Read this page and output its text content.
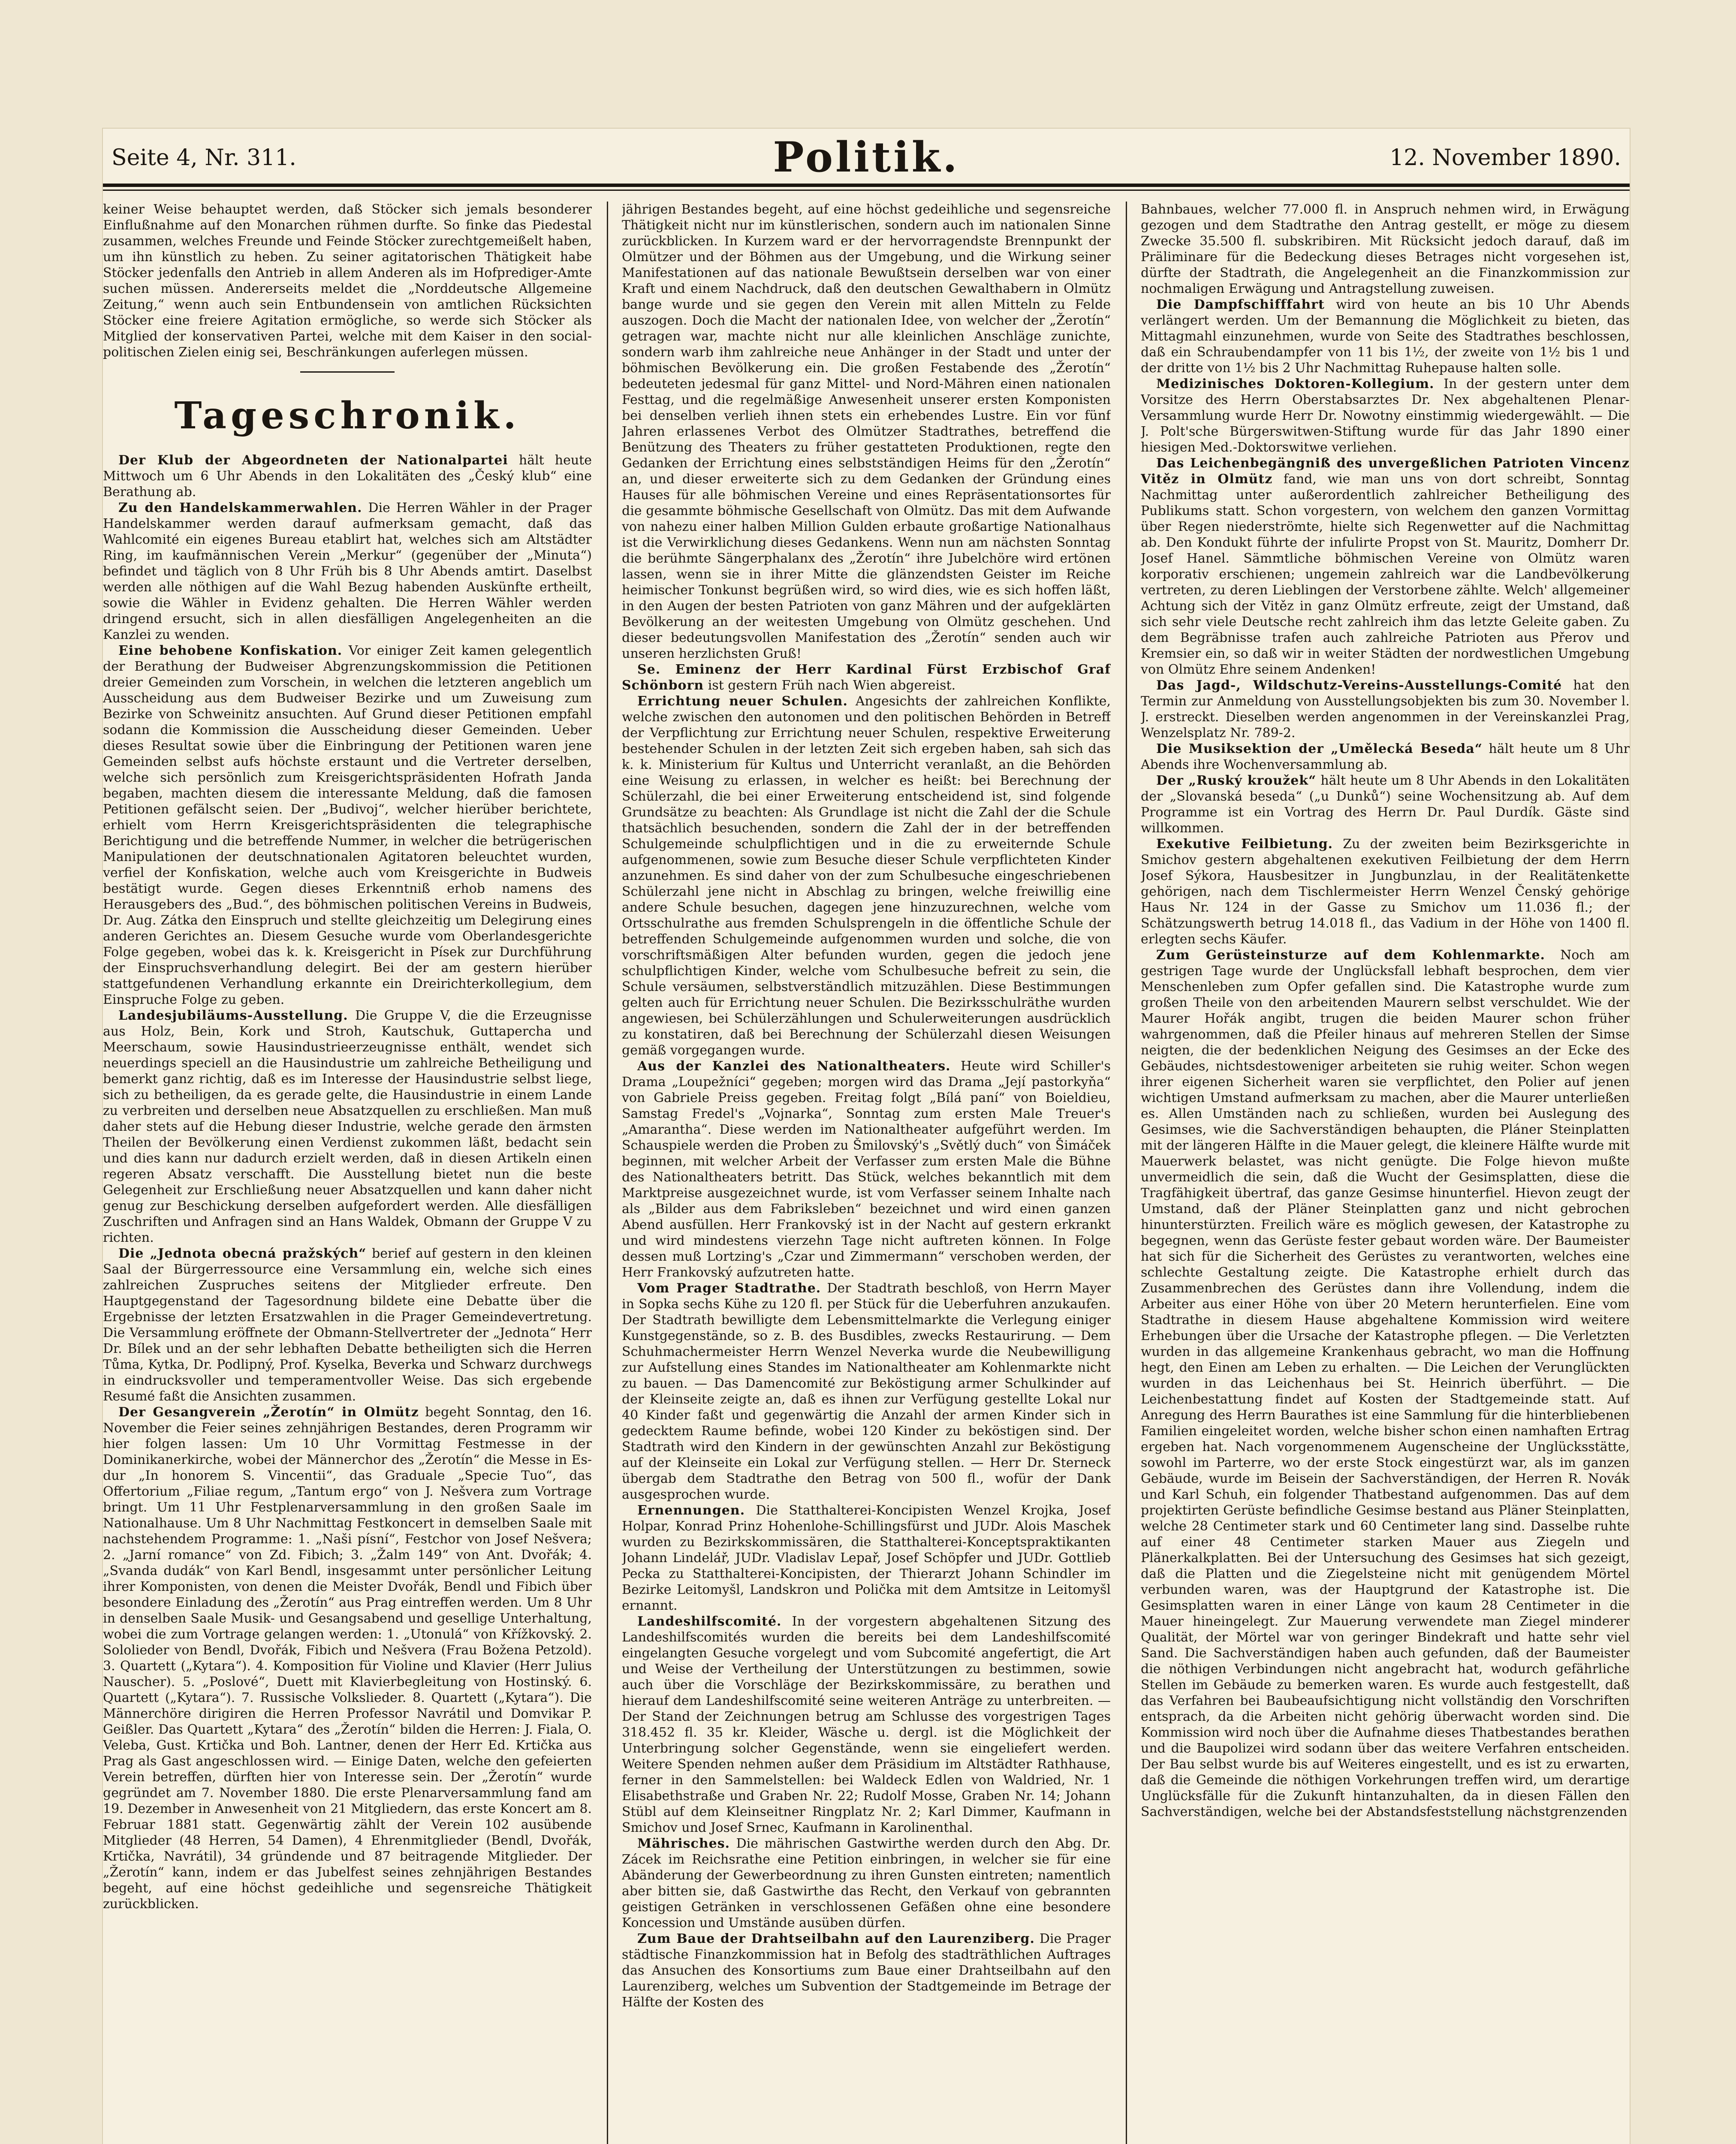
Seite 4, Nr. 311.	Politik.	12. November 1890.

keiner Weise behauptet werden, daß Stöcker sich jemals besonderer Einflußnahme auf den Monarchen rühmen durfte. So finke das Piedestal zusammen, welches Freunde und Feinde Stöcker zurechtgemeißelt haben, um ihn künstlich zu heben. Zu seiner agitatorischen Thätigkeit habe Stöcker jedenfalls den Antrieb in allem Anderen als im Hofprediger-Amte suchen müssen. Andererseits meldet die „Norddeutsche Allgemeine Zeitung,“ wenn auch sein Entbundensein von amtlichen Rücksichten Stöcker eine freiere Agitation ermögliche, so werde sich Stöcker als Mitglied der konservativen Partei, welche mit dem Kaiser in den social-politischen Zielen einig sei, Beschränkungen auferlegen müssen.

Tageschronik.

Der Klub der Abgeordneten der Nationalpartei hält heute Mittwoch um 6 Uhr Abends in den Lokalitäten des „Český klub“ eine Berathung ab.

Zu den Handelskammerwahlen. Die Herren Wähler in der Prager Handelskammer werden darauf aufmerksam gemacht, daß das Wahlcomité ein eigenes Bureau etablirt hat, welches sich am Altstädter Ring, im kaufmännischen Verein „Merkur“ (gegenüber der „Minuta“) befindet und täglich von 8 Uhr Früh bis 8 Uhr Abends amtirt. Daselbst werden alle nöthigen auf die Wahl Bezug habenden Auskünfte ertheilt, sowie die Wähler in Evidenz gehalten. Die Herren Wähler werden dringend ersucht, sich in allen diesfälligen Angelegenheiten an die Kanzlei zu wenden.

Eine behobene Konfiskation. Vor einiger Zeit kamen gelegentlich der Berathung der Budweiser Abgrenzungskommission die Petitionen dreier Gemeinden zum Vorschein, in welchen die letzteren angeblich um Ausscheidung aus dem Budweiser Bezirke und um Zuweisung zum Bezirke von Schweinitz ansuchten. Auf Grund dieser Petitionen empfahl sodann die Kommission die Ausscheidung dieser Gemeinden. Ueber dieses Resultat sowie über die Einbringung der Petitionen waren jene Gemeinden selbst aufs höchste erstaunt und die Vertreter derselben, welche sich persönlich zum Kreisgerichtspräsidenten Hofrath Janda begaben, machten diesem die interessante Meldung, daß die famosen Petitionen gefälscht seien. Der „Budivoj“, welcher hierüber berichtete, erhielt vom Herrn Kreisgerichtspräsidenten die telegraphische Berichtigung und die betreffende Nummer, in welcher die betrügerischen Manipulationen der deutschnationalen Agitatoren beleuchtet wurden, verfiel der Konfiskation, welche auch vom Kreisgerichte in Budweis bestätigt wurde. Gegen dieses Erkenntniß erhob namens des Herausgebers des „Bud.“, des böhmischen politischen Vereins in Budweis, Dr. Aug. Zátka den Einspruch und stellte gleichzeitig um Delegirung eines anderen Gerichtes an. Diesem Gesuche wurde vom Oberlandesgerichte Folge gegeben, wobei das k. k. Kreisgericht in Písek zur Durchführung der Einspruchsverhandlung delegirt. Bei der am gestern hierüber stattgefundenen Verhandlung erkannte ein Dreirichterkollegium, dem Einspruche Folge zu geben.

Landesjubiläums-Ausstellung. Die Gruppe V, die die Erzeugnisse aus Holz, Bein, Kork und Stroh, Kautschuk, Guttapercha und Meerschaum, sowie Hausindustrieerzeugnisse enthält, wendet sich neuerdings speciell an die Hausindustrie um zahlreiche Betheiligung und bemerkt ganz richtig, daß es im Interesse der Hausindustrie selbst liege, sich zu betheiligen, da es gerade gelte, die Hausindustrie in einem Lande zu verbreiten und derselben neue Absatzquellen zu erschließen. Man muß daher stets auf die Hebung dieser Industrie, welche gerade den ärmsten Theilen der Bevölkerung einen Verdienst zukommen läßt, bedacht sein und dies kann nur dadurch erzielt werden, daß in diesen Artikeln einen regeren Absatz verschafft. Die Ausstellung bietet nun die beste Gelegenheit zur Erschließung neuer Absatzquellen und kann daher nicht genug zur Beschickung derselben aufgefordert werden. Alle diesfälligen Zuschriften und Anfragen sind an Hans Waldek, Obmann der Gruppe V zu richten.

Die „Jednota obecná pražských“ berief auf gestern in den kleinen Saal der Bürgerressource eine Versammlung ein, welche sich eines zahlreichen Zuspruches seitens der Mitglieder erfreute. Den Hauptgegenstand der Tagesordnung bildete eine Debatte über die Ergebnisse der letzten Ersatzwahlen in die Prager Gemeindevertretung. Die Versammlung eröffnete der Obmann-Stellvertreter der „Jednota“ Herr Dr. Bílek und an der sehr lebhaften Debatte betheiligten sich die Herren Tůma, Kytka, Dr. Podlipný, Prof. Kyselka, Beverka und Schwarz durchwegs in eindrucksvoller und temperamentvoller Weise. Das sich ergebende Resumé faßt die Ansichten zusammen.

Der Gesangverein „Žerotín“ in Olmütz begeht Sonntag, den 16. November die Feier seines zehnjährigen Bestandes, deren Programm wir hier folgen lassen: Um 10 Uhr Vormittag Festmesse in der Dominikanerkirche, wobei der Männerchor des „Žerotín“ die Messe in Es-dur „In honorem S. Vincentii“, das Graduale „Specie Tuo“, das Offertorium „Filiae regum, „Tantum ergo“ von J. Nešvera zum Vortrage bringt. Um 11 Uhr Festplenarversammlung in den großen Saale im Nationalhause. Um 8 Uhr Nachmittag Festkoncert in demselben Saale mit nachstehendem Programme: 1. „Naši písní“, Festchor von Josef Nešvera; 2. „Jarní romance“ von Zd. Fibich; 3. „Žalm 149“ von Ant. Dvořák; 4. „Svanda dudák“ von Karl Bendl, insgesammt unter persönlicher Leitung ihrer Komponisten, von denen die Meister Dvořák, Bendl und Fibich über besondere Einladung des „Žerotín“ aus Prag eintreffen werden. Um 8 Uhr in denselben Saale Musik- und Gesangsabend und gesellige Unterhaltung, wobei die zum Vortrage gelangen werden: 1. „Utonulá“ von Křížkovský. 2. Sololieder von Bendl, Dvořák, Fibich und Nešvera (Frau Božena Petzold). 3. Quartett („Kytara“). 4. Komposition für Violine und Klavier (Herr Julius Nauscher). 5. „Poslové“, Duett mit Klavierbegleitung von Hostinský. 6. Quartett („Kytara“). 7. Russische Volkslieder. 8. Quartett („Kytara“). Die Männerchöre dirigiren die Herren Professor Navrátil und Domvikar P. Geißler. Das Quartett „Kytara“ des „Žerotín“ bilden die Herren: J. Fiala, O. Veleba, Gust. Krtička und Boh. Lantner, denen der Herr Ed. Krtička aus Prag als Gast angeschlossen wird. — Einige Daten, welche den gefeierten Verein betreffen, dürften hier von Interesse sein. Der „Žerotín“ wurde gegründet am 7. November 1880. Die erste Plenarversammlung fand am 19. Dezember in Anwesenheit von 21 Mitgliedern, das erste Koncert am 8. Februar 1881 statt. Gegenwärtig zählt der Verein 102 ausübende Mitglieder (48 Herren, 54 Damen), 4 Ehrenmitglieder (Bendl, Dvořák, Krtička, Navrátil), 34 gründende und 87 beitragende Mitglieder. Der „Žerotín“ kann, indem er das Jubelfest seines zehnjährigen Bestandes begeht, auf eine höchst gedeihliche und segensreiche Thätigkeit zurückblicken.

jährigen Bestandes begeht, auf eine höchst gedeihliche und segensreiche Thätigkeit nicht nur im künstlerischen, sondern auch im nationalen Sinne zurückblicken. In Kurzem ward er der hervorragendste Brennpunkt der Olmützer und der Böhmen aus der Umgebung, und die Wirkung seiner Manifestationen auf das nationale Bewußtsein derselben war von einer Kraft und einem Nachdruck, daß den deutschen Gewalthabern in Olmütz bange wurde und sie gegen den Verein mit allen Mitteln zu Felde auszogen. Doch die Macht der nationalen Idee, von welcher der „Žerotín“ getragen war, machte nicht nur alle kleinlichen Anschläge zunichte, sondern warb ihm zahlreiche neue Anhänger in der Stadt und unter der böhmischen Bevölkerung ein. Die großen Festabende des „Žerotín“ bedeuteten jedesmal für ganz Mittel- und Nord-Mähren einen nationalen Festtag, und die regelmäßige Anwesenheit unserer ersten Komponisten bei denselben verlieh ihnen stets ein erhebendes Lustre. Ein vor fünf Jahren erlassenes Verbot des Olmützer Stadtrathes, betreffend die Benützung des Theaters zu früher gestatteten Produktionen, regte den Gedanken der Errichtung eines selbstständigen Heims für den „Žerotín“ an, und dieser erweiterte sich zu dem Gedanken der Gründung eines Hauses für alle böhmischen Vereine und eines Repräsentationsortes für die gesammte böhmische Gesellschaft von Olmütz. Das mit dem Aufwande von nahezu einer halben Million Gulden erbaute großartige Nationalhaus ist die Verwirklichung dieses Gedankens. Wenn nun am nächsten Sonntag die berühmte Sängerphalanx des „Žerotín“ ihre Jubelchöre wird ertönen lassen, wenn sie in ihrer Mitte die glänzendsten Geister im Reiche heimischer Tonkunst begrüßen wird, so wird dies, wie es sich hoffen läßt, in den Augen der besten Patrioten von ganz Mähren und der aufgeklärten Bevölkerung an der weitesten Umgebung von Olmütz geschehen. Und dieser bedeutungsvollen Manifestation des „Žerotín“ senden auch wir unseren herzlichsten Gruß!

Se. Eminenz der Herr Kardinal Fürst Erzbischof Graf Schönborn ist gestern Früh nach Wien abgereist.

Errichtung neuer Schulen. Angesichts der zahlreichen Konflikte, welche zwischen den autonomen und den politischen Behörden in Betreff der Verpflichtung zur Errichtung neuer Schulen, respektive Erweiterung bestehender Schulen in der letzten Zeit sich ergeben haben, sah sich das k. k. Ministerium für Kultus und Unterricht veranlaßt, an die Behörden eine Weisung zu erlassen, in welcher es heißt: bei Berechnung der Schülerzahl, die bei einer Erweiterung entscheidend ist, sind folgende Grundsätze zu beachten: Als Grundlage ist nicht die Zahl der die Schule thatsächlich besuchenden, sondern die Zahl der in der betreffenden Schulgemeinde schulpflichtigen und in die zu erweiternde Schule aufgenommenen, sowie zum Besuche dieser Schule verpflichteten Kinder anzunehmen. Es sind daher von der zum Schulbesuche eingeschriebenen Schülerzahl jene nicht in Abschlag zu bringen, welche freiwillig eine andere Schule besuchen, dagegen jene hinzuzurechnen, welche vom Ortsschulrathe aus fremden Schulsprengeln in die öffentliche Schule der betreffenden Schulgemeinde aufgenommen wurden und solche, die von vorschriftsmäßigen Alter befunden wurden, gegen die jedoch jene schulpflichtigen Kinder, welche vom Schulbesuche befreit zu sein, die Schule versäumen, selbstverständlich mitzuzählen. Diese Bestimmungen gelten auch für Errichtung neuer Schulen. Die Bezirksschulräthe wurden angewiesen, bei Schülerzählungen und Schulerweiterungen ausdrücklich zu konstatiren, daß bei Berechnung der Schülerzahl diesen Weisungen gemäß vorgegangen wurde.

Aus der Kanzlei des Nationaltheaters. Heute wird Schiller's Drama „Loupežníci“ gegeben; morgen wird das Drama „Její pastorkyňa“ von Gabriele Preiss gegeben. Freitag folgt „Bílá paní“ von Boieldieu, Samstag Fredel's „Vojnarka“, Sonntag zum ersten Male Treuer's „Amarantha“. Diese werden im Nationaltheater aufgeführt werden. Im Schauspiele werden die Proben zu Šmilovský's „Světlý duch“ von Šimáček beginnen, mit welcher Arbeit der Verfasser zum ersten Male die Bühne des Nationaltheaters betritt. Das Stück, welches bekanntlich mit dem Marktpreise ausgezeichnet wurde, ist vom Verfasser seinem Inhalte nach als „Bilder aus dem Fabriksleben“ bezeichnet und wird einen ganzen Abend ausfüllen. Herr Frankovský ist in der Nacht auf gestern erkrankt und wird mindestens vierzehn Tage nicht auftreten können. In Folge dessen muß Lortzing's „Czar und Zimmermann“ verschoben werden, der Herr Frankovský aufzutreten hatte.

Vom Prager Stadtrathe. Der Stadtrath beschloß, von Herrn Mayer in Sopka sechs Kühe zu 120 fl. per Stück für die Ueberfuhren anzukaufen. Der Stadtrath bewilligte dem Lebensmittelmarkte die Verlegung einiger Kunstgegenstände, so z. B. des Busdibles, zwecks Restaurirung. — Dem Schuhmachermeister Herrn Wenzel Neverka wurde die Neubewilligung zur Aufstellung eines Standes im Nationaltheater am Kohlenmarkte nicht zu bauen. — Das Damencomité zur Beköstigung armer Schulkinder auf der Kleinseite zeigte an, daß es ihnen zur Verfügung gestellte Lokal nur 40 Kinder faßt und gegenwärtig die Anzahl der armen Kinder sich in gedecktem Raume befinde, wobei 120 Kinder zu beköstigen sind. Der Stadtrath wird den Kindern in der gewünschten Anzahl zur Beköstigung auf der Kleinseite ein Lokal zur Verfügung stellen. — Herr Dr. Sterneck übergab dem Stadtrathe den Betrag von 500 fl., wofür der Dank ausgesprochen wurde.

Ernennungen. Die Statthalterei-Koncipisten Wenzel Krojka, Josef Holpar, Konrad Prinz Hohenlohe-Schillingsfürst und JUDr. Alois Maschek wurden zu Bezirkskommissären, die Statthalterei-Konceptspraktikanten Johann Lindelář, JUDr. Vladislav Lepař, Josef Schöpfer und JUDr. Gottlieb Pecka zu Statthalterei-Koncipisten, der Thierarzt Johann Schindler im Bezirke Leitomyšl, Landskron und Polička mit dem Amtsitze in Leitomyšl ernannt.

Landeshilfscomité. In der vorgestern abgehaltenen Sitzung des Landeshilfscomités wurden die bereits bei dem Landeshilfscomité eingelangten Gesuche vorgelegt und vom Subcomité angefertigt, die Art und Weise der Vertheilung der Unterstützungen zu bestimmen, sowie auch über die Vorschläge der Bezirkskommissäre, zu berathen und hierauf dem Landeshilfscomité seine weiteren Anträge zu unterbreiten. — Der Stand der Zeichnungen betrug am Schlusse des vorgestrigen Tages 318.452 fl. 35 kr. Kleider, Wäsche u. dergl. ist die Möglichkeit der Unterbringung solcher Gegenstände, wenn sie eingeliefert werden. Weitere Spenden nehmen außer dem Präsidium im Altstädter Rathhause, ferner in den Sammelstellen: bei Waldeck Edlen von Waldried, Nr. 1 Elisabethstraße und Graben Nr. 22; Rudolf Mosse, Graben Nr. 14; Johann Stübl auf dem Kleinseitner Ringplatz Nr. 2; Karl Dimmer, Kaufmann in Smichov und Josef Srnec, Kaufmann in Karolinenthal.

Mährisches. Die mährischen Gastwirthe werden durch den Abg. Dr. Zácek im Reichsrathe eine Petition einbringen, in welcher sie für eine Abänderung der Gewerbeordnung zu ihren Gunsten eintreten; namentlich aber bitten sie, daß Gastwirthe das Recht, den Verkauf von gebrannten geistigen Getränken in verschlossenen Gefäßen ohne eine besondere Koncession und Umstände ausüben dürfen.

Zum Baue der Drahtseilbahn auf den Laurenziberg. Die Prager städtische Finanzkommission hat in Befolg des stadträthlichen Auftrages das Ansuchen des Konsortiums zum Baue einer Drahtseilbahn auf den Laurenziberg, welches um Subvention der Stadtgemeinde im Betrage der Hälfte der Kosten des

Bahnbaues, welcher 77.000 fl. in Anspruch nehmen wird, in Erwägung gezogen und dem Stadtrathe den Antrag gestellt, er möge zu diesem Zwecke 35.500 fl. subskribiren. Mit Rücksicht jedoch darauf, daß im Präliminare für die Bedeckung dieses Betrages nicht vorgesehen ist, dürfte der Stadtrath, die Angelegenheit an die Finanzkommission zur nochmaligen Erwägung und Antragstellung zuweisen.

Die Dampfschifffahrt wird von heute an bis 10 Uhr Abends verlängert werden. Um der Bemannung die Möglichkeit zu bieten, das Mittagmahl einzunehmen, wurde von Seite des Stadtrathes beschlossen, daß ein Schraubendampfer von 11 bis 1½, der zweite von 1½ bis 1 und der dritte von 1½ bis 2 Uhr Nachmittag Ruhepause halten solle.

Medizinisches Doktoren-Kollegium. In der gestern unter dem Vorsitze des Herrn Oberstabsarztes Dr. Nex abgehaltenen Plenar-Versammlung wurde Herr Dr. Nowotny einstimmig wiedergewählt. — Die J. Polt'sche Bürgerswitwen-Stiftung wurde für das Jahr 1890 einer hiesigen Med.-Doktorswitwe verliehen.

Das Leichenbegängniß des unvergeßlichen Patrioten Vincenz Vitěz in Olmütz fand, wie man uns von dort schreibt, Sonntag Nachmittag unter außerordentlich zahlreicher Betheiligung des Publikums statt. Schon vorgestern, von welchem den ganzen Vormittag über Regen niederströmte, hielte sich Regenwetter auf die Nachmittag ab. Den Kondukt führte der infulirte Propst von St. Mauritz, Domherr Dr. Josef Hanel. Sämmtliche böhmischen Vereine von Olmütz waren korporativ erschienen; ungemein zahlreich war die Landbevölkerung vertreten, zu deren Lieblingen der Verstorbene zählte. Welch' allgemeiner Achtung sich der Vitěz in ganz Olmütz erfreute, zeigt der Umstand, daß sich sehr viele Deutsche recht zahlreich ihm das letzte Geleite gaben. Zu dem Begräbnisse trafen auch zahlreiche Patrioten aus Přerov und Kremsier ein, so daß wir in weiter Städten der nordwestlichen Umgebung von Olmütz Ehre seinem Andenken!

Das Jagd-, Wildschutz-Vereins-Ausstellungs-Comité hat den Termin zur Anmeldung von Ausstellungsobjekten bis zum 30. November l. J. erstreckt. Dieselben werden angenommen in der Vereinskanzlei Prag, Wenzelsplatz Nr. 789-2.

Die Musiksektion der „Umělecká Beseda“ hält heute um 8 Uhr Abends ihre Wochenversammlung ab.

Der „Ruský kroužek“ hält heute um 8 Uhr Abends in den Lokalitäten der „Slovanská beseda“ („u Dunků“) seine Wochensitzung ab. Auf dem Programme ist ein Vortrag des Herrn Dr. Paul Durdík. Gäste sind willkommen.

Exekutive Feilbietung. Zu der zweiten beim Bezirksgerichte in Smichov gestern abgehaltenen exekutiven Feilbietung der dem Herrn Josef Sýkora, Hausbesitzer in Jungbunzlau, in der Realitätenkette gehörigen, nach dem Tischlermeister Herrn Wenzel Čenský gehörige Haus Nr. 124 in der Gasse zu Smichov um 11.036 fl.; der Schätzungswerth betrug 14.018 fl., das Vadium in der Höhe von 1400 fl. erlegten sechs Käufer.

Zum Gerüsteinsturze auf dem Kohlenmarkte. Noch am gestrigen Tage wurde der Unglücksfall lebhaft besprochen, dem vier Menschenleben zum Opfer gefallen sind. Die Katastrophe wurde zum großen Theile von den arbeitenden Maurern selbst verschuldet. Wie der Maurer Hořák angibt, trugen die beiden Maurer schon früher wahrgenommen, daß die Pfeiler hinaus auf mehreren Stellen der Simse neigten, die der bedenklichen Neigung des Gesimses an der Ecke des Gebäudes, nichtsdestoweniger arbeiteten sie ruhig weiter. Schon wegen ihrer eigenen Sicherheit waren sie verpflichtet, den Polier auf jenen wichtigen Umstand aufmerksam zu machen, aber die Maurer unterließen es. Allen Umständen nach zu schließen, wurden bei Auslegung des Gesimses, wie die Sachverständigen behaupten, die Pláner Steinplatten mit der längeren Hälfte in die Mauer gelegt, die kleinere Hälfte wurde mit Mauerwerk belastet, was nicht genügte. Die Folge hievon mußte unvermeidlich die sein, daß die Wucht der Gesimsplatten, diese die Tragfähigkeit übertraf, das ganze Gesimse hinunterfiel. Hievon zeugt der Umstand, daß der Pläner Steinplatten ganz und nicht gebrochen hinunterstürzten. Freilich wäre es möglich gewesen, der Katastrophe zu begegnen, wenn das Gerüste fester gebaut worden wäre. Der Baumeister hat sich für die Sicherheit des Gerüstes zu verantworten, welches eine schlechte Gestaltung zeigte. Die Katastrophe erhielt durch das Zusammenbrechen des Gerüstes dann ihre Vollendung, indem die Arbeiter aus einer Höhe von über 20 Metern herunterfielen. Eine vom Stadtrathe in diesem Hause abgehaltene Kommission wird weitere Erhebungen über die Ursache der Katastrophe pflegen. — Die Verletzten wurden in das allgemeine Krankenhaus gebracht, wo man die Hoffnung hegt, den Einen am Leben zu erhalten. — Die Leichen der Verunglückten wurden in das Leichenhaus bei St. Heinrich überführt. — Die Leichenbestattung findet auf Kosten der Stadtgemeinde statt. Auf Anregung des Herrn Baurathes ist eine Sammlung für die hinterbliebenen Familien eingeleitet worden, welche bisher schon einen namhaften Ertrag ergeben hat. Nach vorgenommenem Augenscheine der Unglücksstätte, sowohl im Parterre, wo der erste Stock eingestürzt war, als im ganzen Gebäude, wurde im Beisein der Sachverständigen, der Herren R. Novák und Karl Schuh, ein folgender Thatbestand aufgenommen. Das auf dem projektirten Gerüste befindliche Gesimse bestand aus Pläner Steinplatten, welche 28 Centimeter stark und 60 Centimeter lang sind. Dasselbe ruhte auf einer 48 Centimeter starken Mauer aus Ziegeln und Plänerkalkplatten. Bei der Untersuchung des Gesimses hat sich gezeigt, daß die Platten und die Ziegelsteine nicht mit genügendem Mörtel verbunden waren, was der Hauptgrund der Katastrophe ist. Die Gesimsplatten waren in einer Länge von kaum 28 Centimeter in die Mauer hineingelegt. Zur Mauerung verwendete man Ziegel minderer Qualität, der Mörtel war von geringer Bindekraft und hatte sehr viel Sand. Die Sachverständigen haben auch gefunden, daß der Baumeister die nöthigen Verbindungen nicht angebracht hat, wodurch gefährliche Stellen im Gebäude zu bemerken waren. Es wurde auch festgestellt, daß das Verfahren bei Baubeaufsichtigung nicht vollständig den Vorschriften entsprach, da die Arbeiten nicht gehörig überwacht worden sind. Die Kommission wird noch über die Aufnahme dieses Thatbestandes berathen und die Baupolizei wird sodann über das weitere Verfahren entscheiden. Der Bau selbst wurde bis auf Weiteres eingestellt, und es ist zu erwarten, daß die Gemeinde die nöthigen Vorkehrungen treffen wird, um derartige Unglücksfälle für die Zukunft hintanzuhalten, da in diesen Fällen den Sachverständigen, welche bei der Abstandsfeststellung nächstgrenzenden
